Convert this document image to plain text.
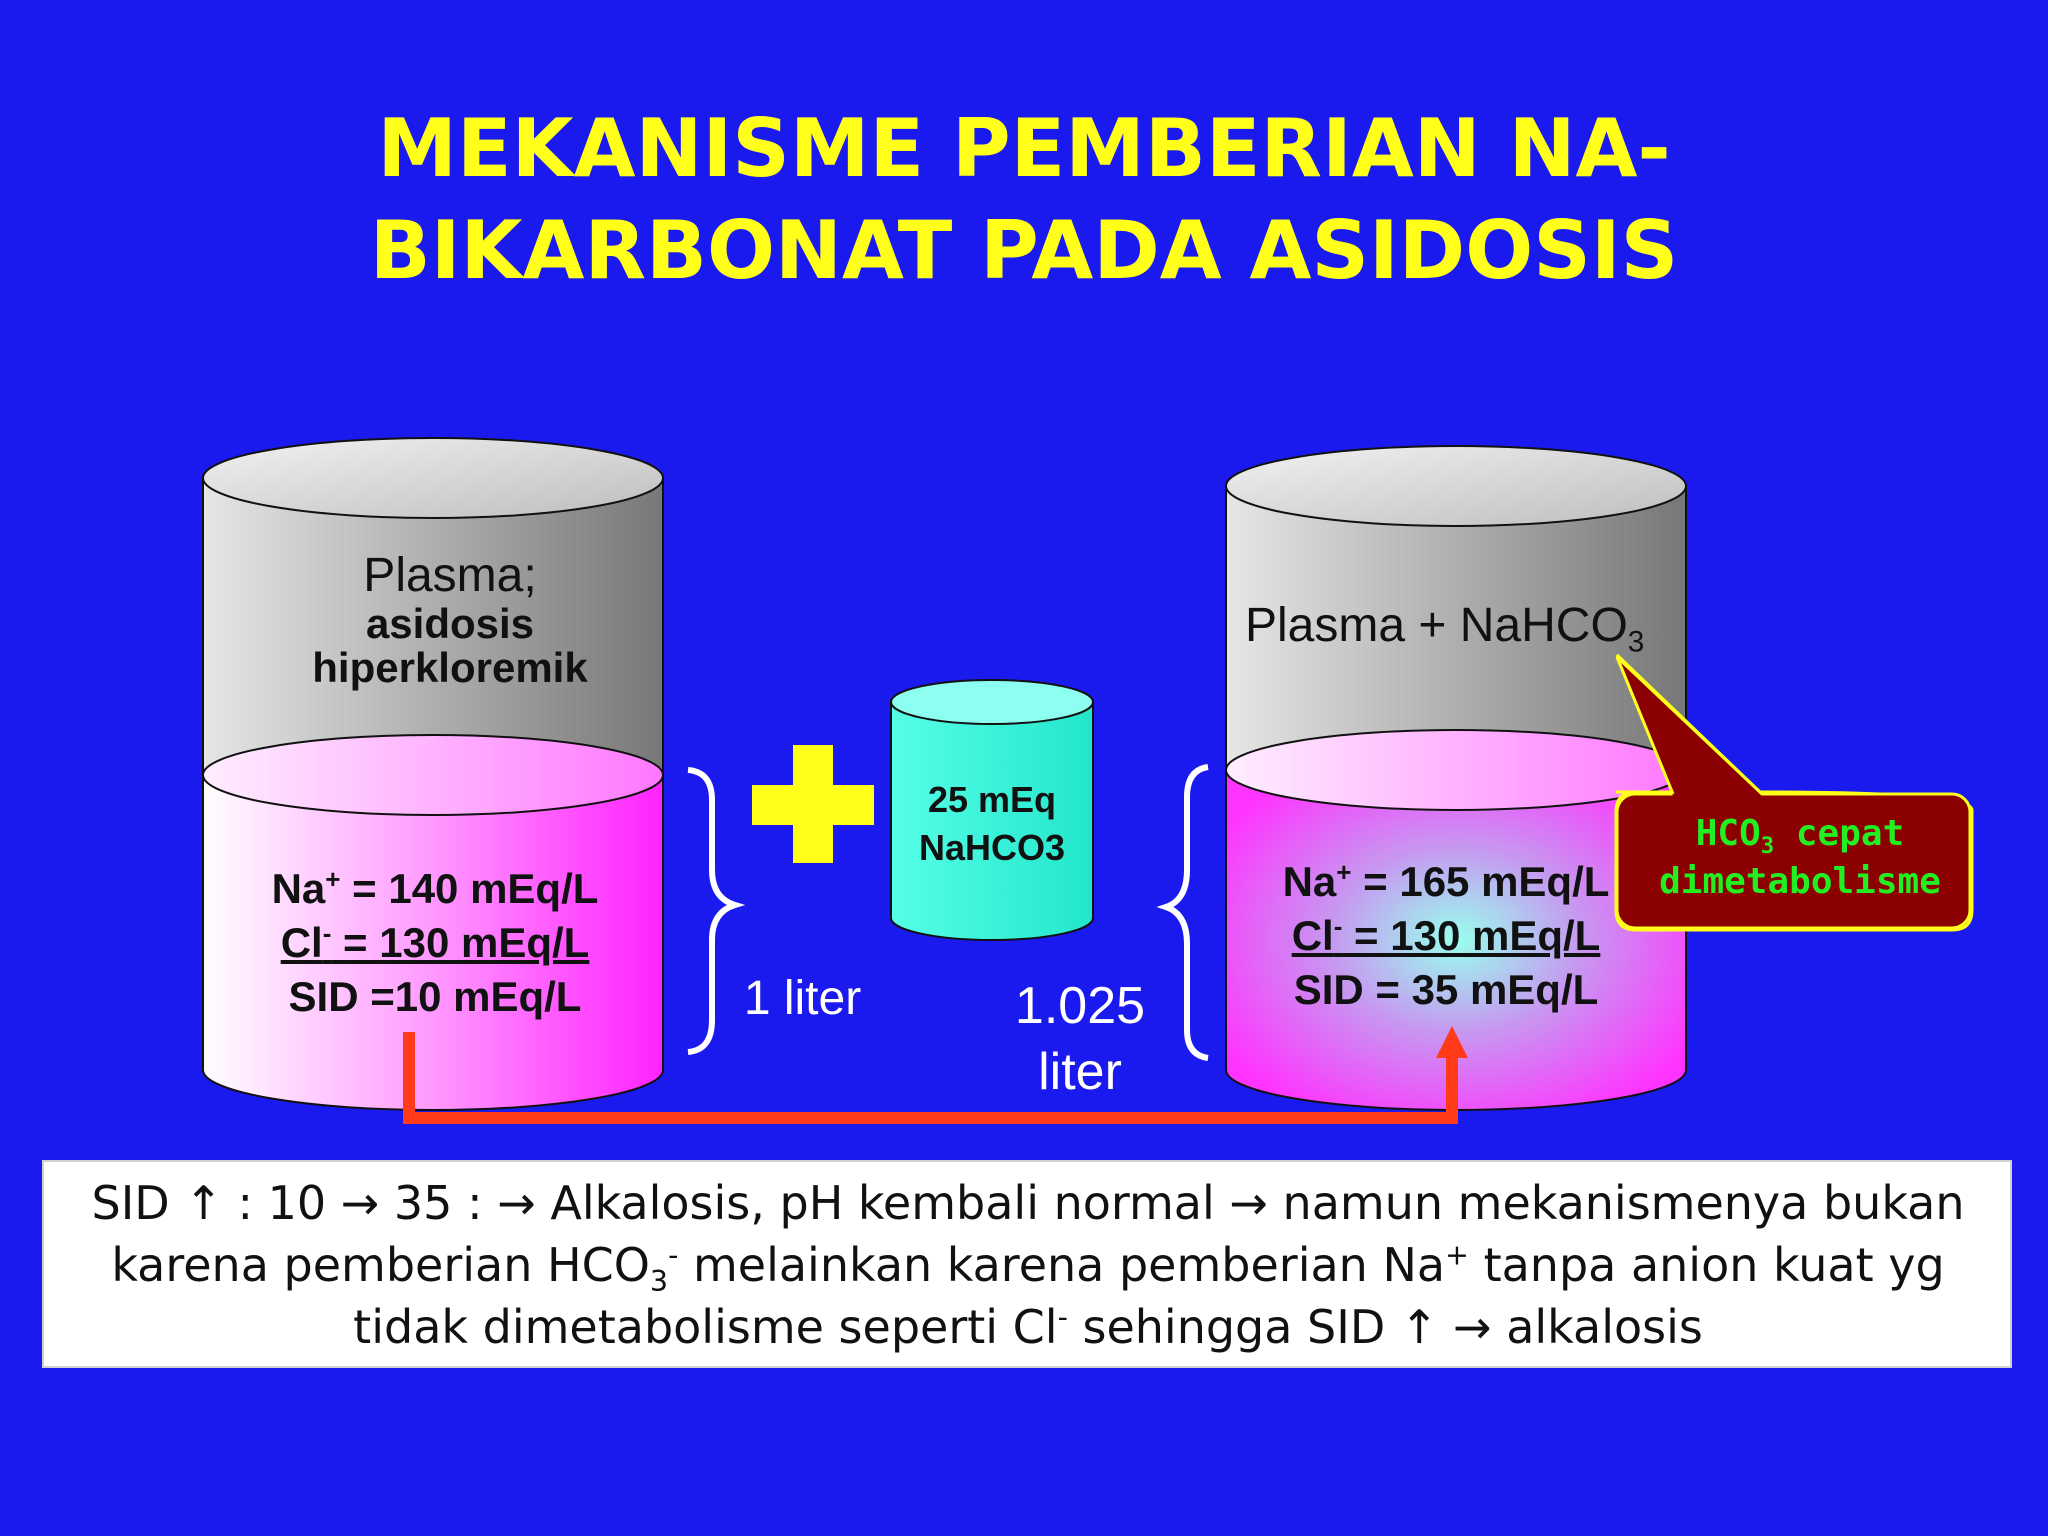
MEKANISME PEMBERIAN NA-
BIKARBONAT PADA ASIDOSIS
Plasma;
asidosis
hiperkloremik
Na+ = 140 mEq/L
Cl- = 130 mEq/L
SID =10 mEq/L	1 liter
25 mEq
NaHCO3
1.025
liter
Plasma + NaHCO$_3$
Na+ = 165 mEq/L
Cl- = 130 mEq/L
SID = 35 mEq/L
$HCO_3$ cepat
dimetabolisme
SID ↑ : 10 → 35 : → Alkalosis, pH kembali normal → namun mekanismenya bukan karena pemberian $HCO_3^-$ melainkan karena pemberian Na+ tanpa anion kuat yg tidak dimetabolisme seperti Cl- sehingga SID ↑ → alkalosis
